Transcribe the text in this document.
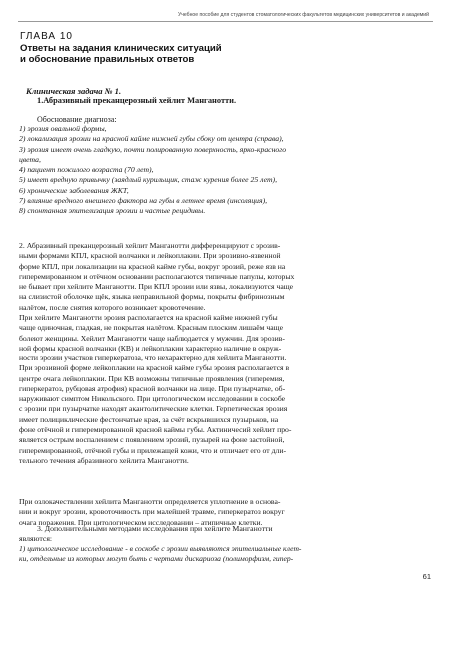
Учебное пособие для студентов стоматологических факультетов медицинских университетов и академий
ГЛАВА 10
Ответы на задания клинических ситуаций
и обоснование правильных ответов
Клиническая задача № 1.
1.Абразивный преканцерозный хейлит Манганотти.
Обоснование диагноза:
1) эрозия овальной формы,
2) локализация эрозии на красной кайме нижней губы сбоку от центра (справа),
3) эрозия имеет очень гладкую, почти полированную поверхность, ярко-красного
цвета,
4) пациент пожилого возраста (70 лет),
5) имеет вредную привычку (заядлый курильщик, стаж курения более 25 лет),
6) хронические заболевания ЖКТ,
7) влияние вредного внешнего фактора на губы в летнее время (инсоляция),
8) спонтанная эпителизация эрозии и частые рецидивы.
2. Абразивный преканцерозный хейлит Манганотти дифференцируют с эрозив-
ными формами КПЛ, красной волчанки и лейкоплакии. При эрозивно-язвенной
форме КПЛ, при локализации на красной кайме губы, вокруг эрозий, реже язв на
гиперемированном и отёчном основании располагаются типичные папулы, которых
не бывает при хейлите Манганотти. При КПЛ эрозии или язвы, локализуются чаще
на слизистой оболочке щёк, языка неправильной формы, покрыты фибринозным
налётом, после снятия которого возникает кровотечение.
При хейлите Манганотти эрозия располагается на красной кайме нижней губы
чаще одиночная, гладкая, не покрытая налётом. Красным плоским лишаём чаще
болеют женщины. Хейлит Манганотти чаще наблюдается у мужчин. Для эрозив-
ной формы красной волчанки (КВ) и лейкоплакии характерно наличие в окруж-
ности эрозии участков гиперкератоза, что нехарактерно для хейлита Манганотти.
При эрозивной форме лейкоплакии на красной кайме губы эрозия располагается в
центре очага лейкоплакии. При КВ возможны типичные проявления (гиперемия,
гиперкератоз, рубцовая атрофия) красной волчанки на лице. При пузырчатке, об-
наруживают симптом Никольского. При цитологическом исследовании в соскобе
с эрозии при пузырчатке находят акантолитические клетки. Герпетическая эрозия
имеет полициклические фестончатые края, за счёт вскрывшихся пузырьков, на
фоне отёчной и гиперемированной красной каймы губы. Актиничесий хейлит про-
является острым воспалением с появлением эрозий, пузырей на фоне застойной,
гиперемированной, отёчной губы и прилежащей кожи, что и отличает его от дли-
тельного течения абразивного хейлита Манганотти.
При озлокачествлении хейлита Манганотти определяется уплотнение в основа-
нии и вокруг эрозии, кровоточивость при малейшей травме, гиперкератоз вокруг
очага поражения. При цитологическом исследовании – атипичные клетки.
3. Дополнительными методами исследования при хейлите Манганотти
являются:
1) цитологическое исследование - в соскобе с эрозии выявляются эпителиальные клет-
ки, отдельные из которых могут быть с чертами дискариоза (полиморфизм, гипер-
61
